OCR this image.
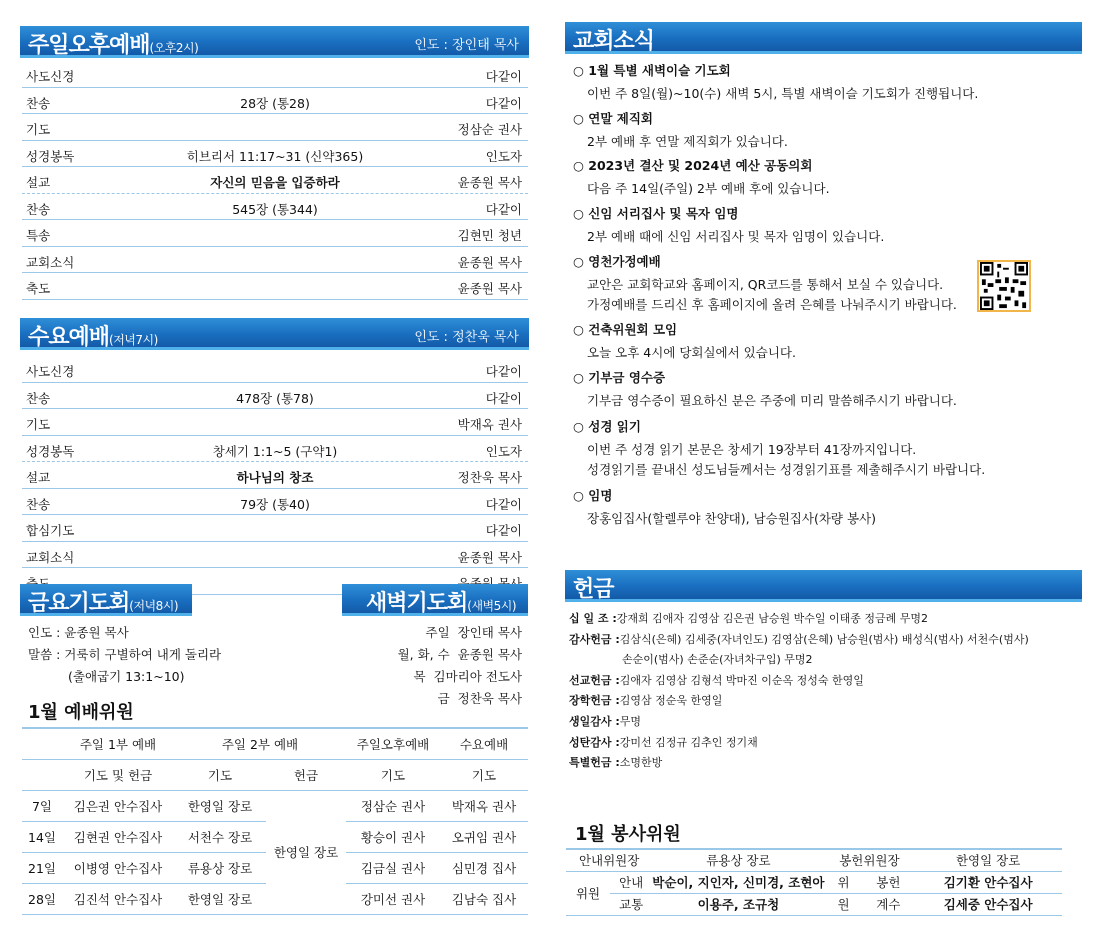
주일오후예배(오후2시)	인도 : 장인태 목사
사도신경	다같이
찬송	28장 (통28)	다같이
기도	정삼순 권사
성경봉독	히브리서 11:17~31 (신약365)	인도자
설교	자신의 믿음을 입증하라	윤종원 목사
찬송	545장 (통344)	다같이
특송	김현민 청년
교회소식	윤종원 목사
축도	윤종원 목사
수요예배(저녁7시)	인도 : 정찬욱 목사
사도신경	다같이
찬송	478장 (통78)	다같이
기도	박재옥 권사
성경봉독	창세기 1:1~5 (구약1)	인도자
설교	하나님의 창조	정찬욱 목사
찬송	79장 (통40)	다같이
합심기도	다같이
교회소식	윤종원 목사
금요기도회(저녁8시)	새벽기도회(새벽5시)
인도 : 윤종원 목사
말씀 : 거룩히 구별하여 내게 돌리라
(출애굽기 13:1~10)
주일 장인태 목사
월, 화, 수 윤종원 목사
목 김마리아 전도사
금 정찬욱 목사
1월 예배위원
	주일 1부 예배	주일 2부 예배		주일오후예배	수요예배
	기도 및 헌금	기도	헌금	기도	기도
7일	김은권 안수집사	한영일 장로	한영일 장로	정삼순 권사	박재옥 권사
14일	김현권 안수집사	서천수 장로		황승이 권사	오귀임 권사
21일	이병영 안수집사	류용상 장로		김금실 권사	심민경 집사
28일	김진석 안수집사	한영일 장로		강미선 권사	김남숙 집사
교회소식
○ 1월 특별 새벽이슬 기도회
이번 주 8일(월)~10(수) 새벽 5시, 특별 새벽이슬 기도회가 진행됩니다.
○ 연말 제직회
2부 예배 후 연말 제직회가 있습니다.
○ 2023년 결산 및 2024년 예산 공동의회
다음 주 14일(주일) 2부 예배 후에 있습니다.
○ 신임 서리집사 및 목자 임명
2부 예배 때에 신임 서리집사 및 목자 임명이 있습니다.
○ 영천가정예배
교안은 교회학교와 홈페이지, QR코드를 통해서 보실 수 있습니다.
가정예배를 드리신 후 홈페이지에 올려 은혜를 나눠주시기 바랍니다.
○ 건축위원회 모임
오늘 오후 4시에 당회실에서 있습니다.
○ 기부금 영수증
기부금 영수증이 필요하신 분은 주중에 미리 말씀해주시기 바랍니다.
○ 성경 읽기
이번 주 성경 읽기 본문은 창세기 19장부터 41장까지입니다.
성경읽기를 끝내신 성도님들께서는 성경읽기표를 제출해주시기 바랍니다.
○ 임명
장홍임집사(할렐루야 찬양대), 남승원집사(차량 봉사)
헌금
십 일 조 :강재희 김애자 김영삼 김은권 남승원 박수일 이태종 정금례 무명2
감사헌금 :김삼식(은혜) 김세중(자녀인도) 김영삼(은혜) 남승원(범사) 배성식(범사) 서천수(범사)
손순이(범사) 손준순(자녀차구입) 무명2
선교헌금 :김애자 김영삼 김형석 박마진 이순옥 정성숙 한영일
장학헌금 :김영삼 정순욱 한영일
생일감사 :무명
성탄감사 :강미선 김정규 김추인 정기채
특별헌금 :소명한방
1월 봉사위원
안내위원장		류용상 장로	봉헌위원장		한영일 장로
위원	안내	박순이, 지인자, 신미경, 조현아	위	봉헌	김기환 안수집사
	교통	이용주, 조규청	원	계수	김세중 안수집사
